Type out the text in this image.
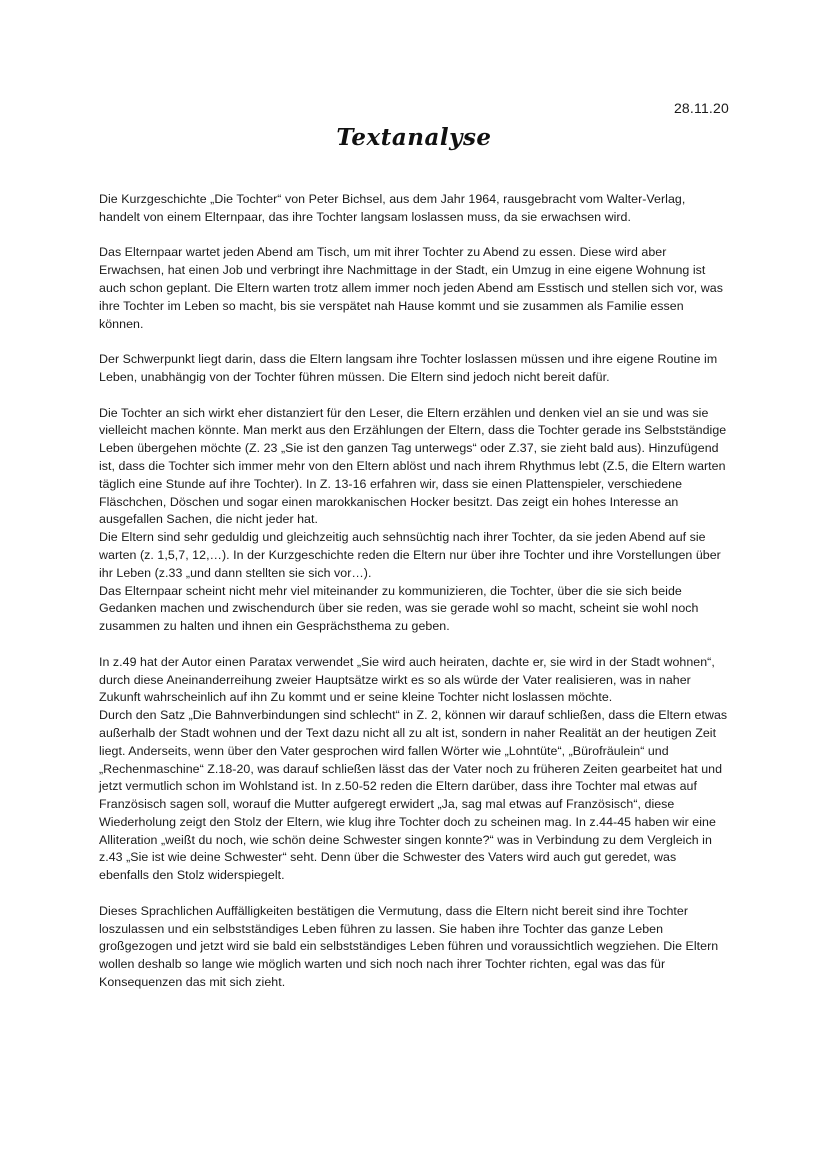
28.11.20
Textanalyse

Die Kurzgeschichte „Die Tochter“ von Peter Bichsel, aus dem Jahr 1964, rausgebracht vom Walter-Verlag, handelt von einem Elternpaar, das ihre Tochter langsam loslassen muss, da sie erwachsen wird.

Das Elternpaar wartet jeden Abend am Tisch, um mit ihrer Tochter zu Abend zu essen. Diese wird aber Erwachsen, hat einen Job und verbringt ihre Nachmittage in der Stadt, ein Umzug in eine eigene Wohnung ist auch schon geplant. Die Eltern warten trotz allem immer noch jeden Abend am Esstisch und stellen sich vor, was ihre Tochter im Leben so macht, bis sie verspätet nah Hause kommt und sie zusammen als Familie essen können.

Der Schwerpunkt liegt darin, dass die Eltern langsam ihre Tochter loslassen müssen und ihre eigene Routine im Leben, unabhängig von der Tochter führen müssen. Die Eltern sind jedoch nicht bereit dafür.

Die Tochter an sich wirkt eher distanziert für den Leser, die Eltern erzählen und denken viel an sie und was sie vielleicht machen könnte. Man merkt aus den Erzählungen der Eltern, dass die Tochter gerade ins Selbstständige Leben übergehen möchte (Z. 23 „Sie ist den ganzen Tag unterwegs“ oder Z.37, sie zieht bald aus). Hinzufügend ist, dass die Tochter sich immer mehr von den Eltern ablöst und nach ihrem Rhythmus lebt (Z.5, die Eltern warten täglich eine Stunde auf ihre Tochter). In Z. 13-16 erfahren wir, dass sie einen Plattenspieler, verschiedene Fläschchen, Döschen und sogar einen marokkanischen Hocker besitzt. Das zeigt ein hohes Interesse an ausgefallen Sachen, die nicht jeder hat.

Die Eltern sind sehr geduldig und gleichzeitig auch sehnsüchtig nach ihrer Tochter, da sie jeden Abend auf sie warten (z. 1,5,7, 12,…). In der Kurzgeschichte reden die Eltern nur über ihre Tochter und ihre Vorstellungen über ihr Leben (z.33 „und dann stellten sie sich vor…).

Das Elternpaar scheint nicht mehr viel miteinander zu kommunizieren, die Tochter, über die sie sich beide Gedanken machen und zwischendurch über sie reden, was sie gerade wohl so macht, scheint sie wohl noch zusammen zu halten und ihnen ein Gesprächsthema zu geben.

In z.49 hat der Autor einen Paratax verwendet „Sie wird auch heiraten, dachte er, sie wird in der Stadt wohnen“, durch diese Aneinanderreihung zweier Hauptsätze wirkt es so als würde der Vater realisieren, was in naher Zukunft wahrscheinlich auf ihn Zu kommt und er seine kleine Tochter nicht loslassen möchte.

Durch den Satz „Die Bahnverbindungen sind schlecht“ in Z. 2, können wir darauf schließen, dass die Eltern etwas außerhalb der Stadt wohnen und der Text dazu nicht all zu alt ist, sondern in naher Realität an der heutigen Zeit liegt. Anderseits, wenn über den Vater gesprochen wird fallen Wörter wie „Lohntüte“, „Bürofräulein“ und „Rechenmaschine“ Z.18-20, was darauf schließen lässt das der Vater noch zu früheren Zeiten gearbeitet hat und jetzt vermutlich schon im Wohlstand ist. In z.50-52 reden die Eltern darüber, dass ihre Tochter mal etwas auf Französisch sagen soll, worauf die Mutter aufgeregt erwidert „Ja, sag mal etwas auf Französisch“, diese Wiederholung zeigt den Stolz der Eltern, wie klug ihre Tochter doch zu scheinen mag. In z.44-45 haben wir eine Alliteration „weißt du noch, wie schön deine Schwester singen konnte?“ was in Verbindung zu dem Vergleich in z.43 „Sie ist wie deine Schwester“ seht. Denn über die Schwester des Vaters wird auch gut geredet, was ebenfalls den Stolz widerspiegelt.

Dieses Sprachlichen Auffälligkeiten bestätigen die Vermutung, dass die Eltern nicht bereit sind ihre Tochter loszulassen und ein selbstständiges Leben führen zu lassen. Sie haben ihre Tochter das ganze Leben großgezogen und jetzt wird sie bald ein selbstständiges Leben führen und voraussichtlich wegziehen. Die Eltern wollen deshalb so lange wie möglich warten und sich noch nach ihrer Tochter richten, egal was das für Konsequenzen das mit sich zieht.
